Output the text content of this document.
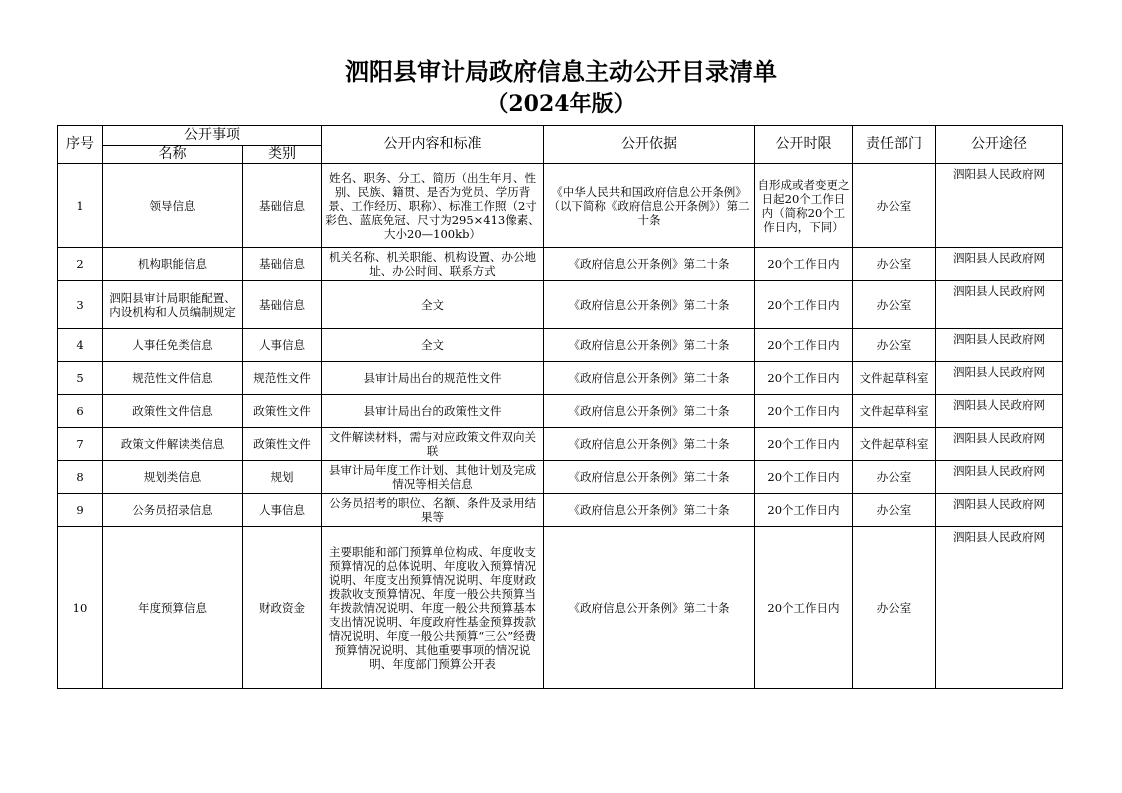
泗阳县审计局政府信息主动公开目录清单
（2024年版）
序号	公开事项		公开内容和标准	公开依据	公开时限	责任部门	公开途径
	名称	类别					
1	领导信息	基础信息	姓名、职务、分工、简历（出生年月、性别、民族、籍贯、是否为党员、学历背景、工作经历、职称）、标准工作照（2寸彩色、蓝底免冠、尺寸为295×413像素、大小20—100kb）	《中华人民共和国政府信息公开条例》（以下简称《政府信息公开条例》）第二十条	自形成或者变更之日起20个工作日内（简称20个工作日内，下同）	办公室	泗阳县人民政府网
2	机构职能信息	基础信息	机关名称、机关职能、机构设置、办公地址、办公时间、联系方式	《政府信息公开条例》第二十条	20个工作日内	办公室	泗阳县人民政府网
3	泗阳县审计局职能配置、内设机构和人员编制规定	基础信息	全文	《政府信息公开条例》第二十条	20个工作日内	办公室	泗阳县人民政府网
4	人事任免类信息	人事信息	全文	《政府信息公开条例》第二十条	20个工作日内	办公室	泗阳县人民政府网
5	规范性文件信息	规范性文件	县审计局出台的规范性文件	《政府信息公开条例》第二十条	20个工作日内	文件起草科室	泗阳县人民政府网
6	政策性文件信息	政策性文件	县审计局出台的政策性文件	《政府信息公开条例》第二十条	20个工作日内	文件起草科室	泗阳县人民政府网
7	政策文件解读类信息	政策性文件	文件解读材料，需与对应政策文件双向关联	《政府信息公开条例》第二十条	20个工作日内	文件起草科室	泗阳县人民政府网
8	规划类信息	规划	县审计局年度工作计划、其他计划及完成情况等相关信息	《政府信息公开条例》第二十条	20个工作日内	办公室	泗阳县人民政府网
9	公务员招录信息	人事信息	公务员招考的职位、名额、条件及录用结果等	《政府信息公开条例》第二十条	20个工作日内	办公室	泗阳县人民政府网
10	年度预算信息	财政资金	主要职能和部门预算单位构成、年度收支预算情况的总体说明、年度收入预算情况说明、年度支出预算情况说明、年度财政拨款收支预算情况、年度一般公共预算当年拨款情况说明、年度一般公共预算基本支出情况说明、年度政府性基金预算拨款情况说明、年度一般公共预算“三公”经费预算情况说明、其他重要事项的情况说明、年度部门预算公开表	《政府信息公开条例》第二十条	20个工作日内	办公室	泗阳县人民政府网
